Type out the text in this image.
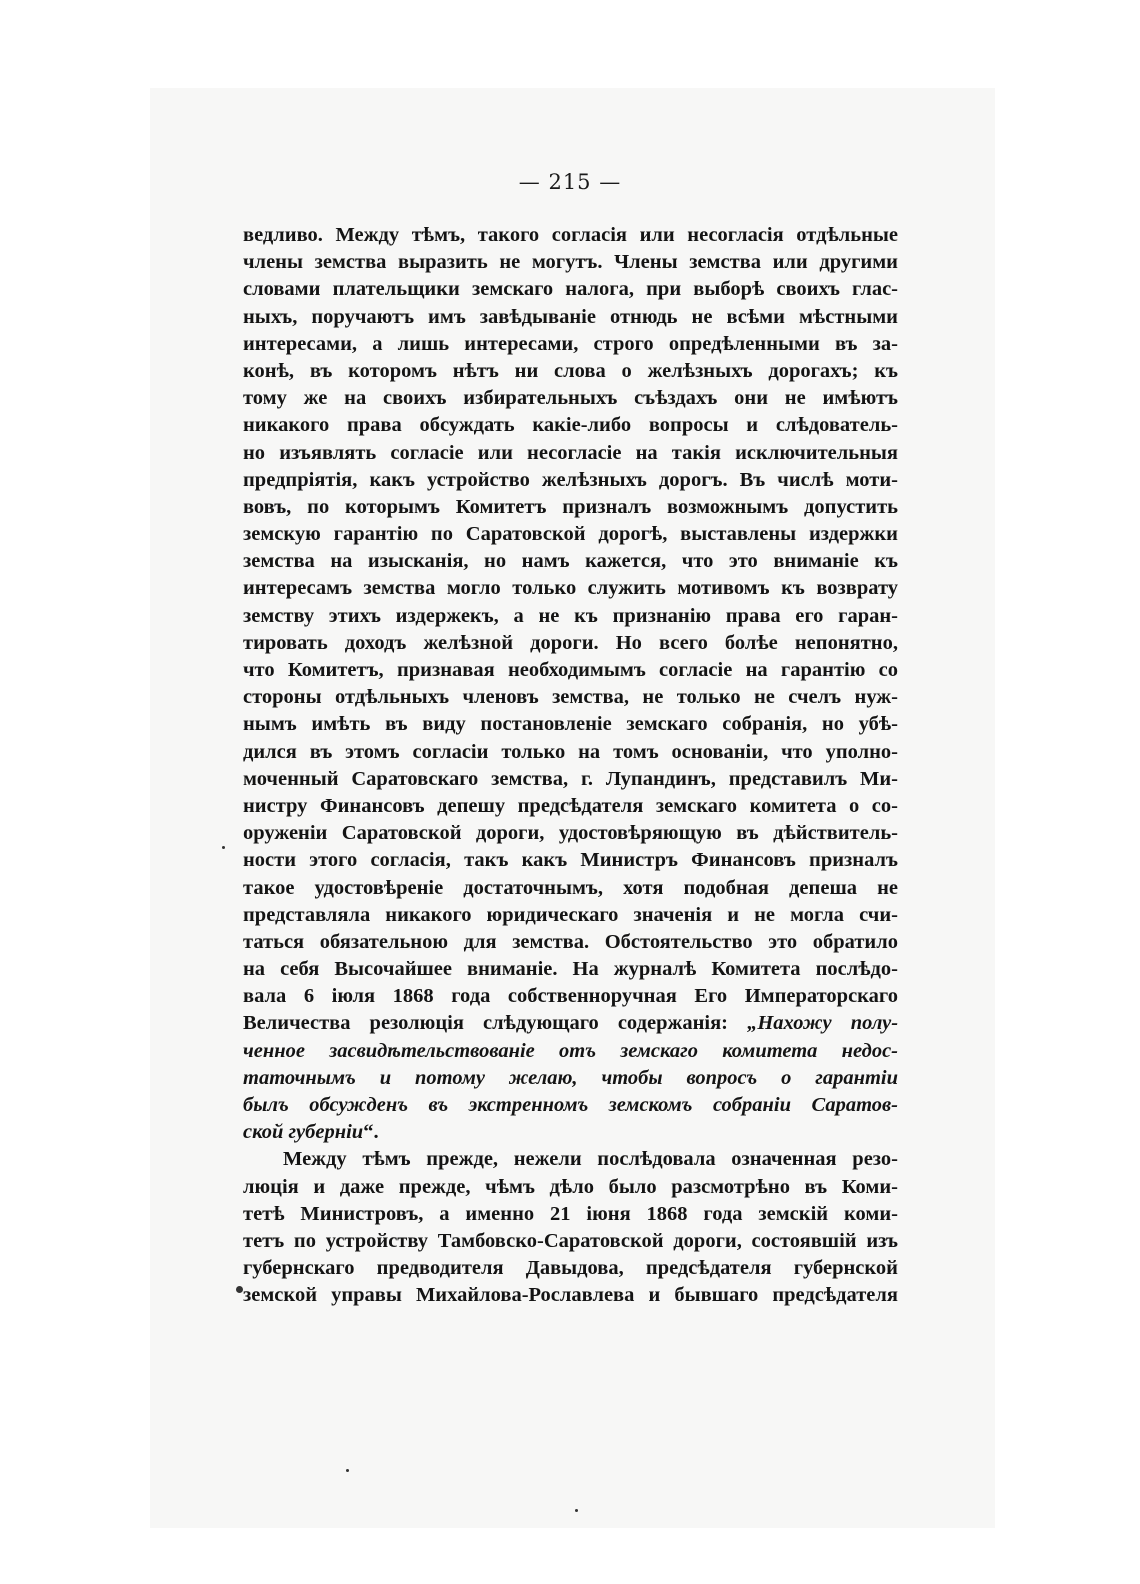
— 215 —
ведливо. Между тѣмъ, такого согласія или несогласія отдѣльные
члены земства выразить не могутъ. Члены земства или другими
словами плательщики земскаго налога, при выборѣ своихъ глас-
ныхъ, поручаютъ имъ завѣдываніе отнюдь не всѣми мѣстными
интересами, а лишь интересами, строго опредѣленными въ за-
конѣ, въ которомъ нѣтъ ни слова о желѣзныхъ дорогахъ; къ
тому же на своихъ избирательныхъ съѣздахъ они не имѣютъ
никакого права обсуждать какіе-либо вопросы и слѣдователь-
но изъявлять согласіе или несогласіе на такія исключительныя
предпріятія, какъ устройство желѣзныхъ дорогъ. Въ числѣ моти-
вовъ, по которымъ Комитетъ призналъ возможнымъ допустить
земскую гарантію по Саратовской дорогѣ, выставлены издержки
земства на изысканія, но намъ кажется, что это вниманіе къ
интересамъ земства могло только служить мотивомъ къ возврату
земству этихъ издержекъ, а не къ признанію права его гаран-
тировать доходъ желѣзной дороги. Но всего болѣе непонятно,
что Комитетъ, признавая необходимымъ согласіе на гарантію со
стороны отдѣльныхъ членовъ земства, не только не счелъ нуж-
нымъ имѣть въ виду постановленіе земскаго собранія, но убѣ-
дился въ этомъ согласіи только на томъ основаніи, что уполно-
моченный Саратовскаго земства, г. Лупандинъ, представилъ Ми-
нистру Финансовъ депешу предсѣдателя земскаго комитета о со-
оруженіи Саратовской дороги, удостовѣряющую въ дѣйствитель-
ности этого согласія, такъ какъ Министръ Финансовъ призналъ
такое удостовѣреніе достаточнымъ, хотя подобная депеша не
представляла никакого юридическаго значенія и не могла счи-
таться обязательною для земства. Обстоятельство это обратило
на себя Высочайшее вниманіе. На журналѣ Комитета послѣдо-
вала 6 іюля 1868 года собственноручная Его Императорскаго
Величества резолюція слѣдующаго содержанія: „Нахожу полу-
ченное засвидѣтельствованіе отъ земскаго комитета недос-
таточнымъ и потому желаю, чтобы вопросъ о гарантіи
былъ обсужденъ въ экстренномъ земскомъ собраніи Саратов-
ской губерніи“.
Между тѣмъ прежде, нежели послѣдовала означенная резо-
люція и даже прежде, чѣмъ дѣло было разсмотрѣно въ Коми-
тетѣ Министровъ, а именно 21 іюня 1868 года земскій коми-
тетъ по устройству Тамбовско-Саратовской дороги, состоявшій изъ
губернскаго предводителя Давыдова, предсѣдателя губернской
земской управы Михайлова-Рославлева и бывшаго предсѣдателя
